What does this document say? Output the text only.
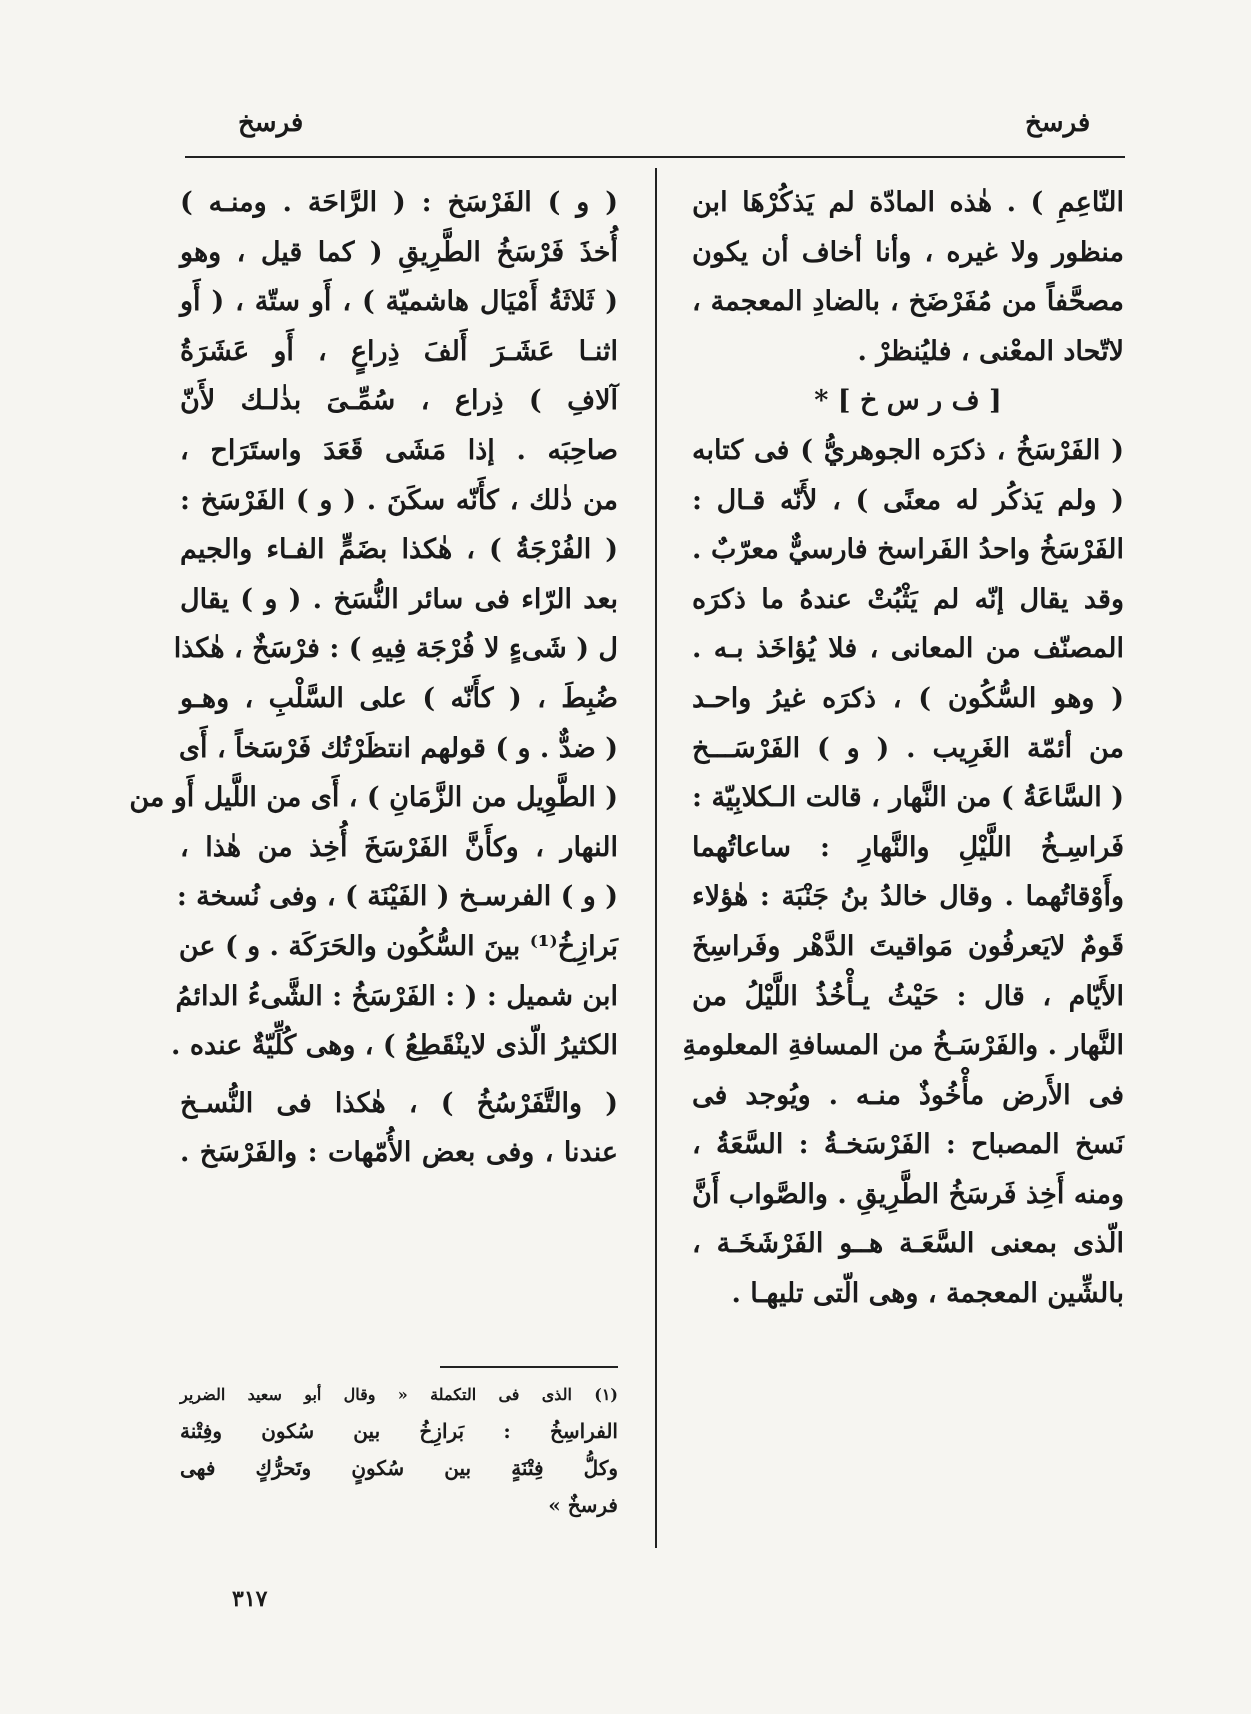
فرسخ	فرسخ
النّاعِمِ ) . هٰذه المادّة لم يَذكُرْهَا ابن
منظور ولا غيره ، وأنا أخاف أن يكون
مصحَّفاً من مُفَرْضَخ ، بالضادِ المعجمة ،
لاتّحاد المعْنى ، فليُنظرْ .
[ ف ر س خ ] *
( الفَرْسَخُ ، ذكرَه الجوهريُّ ) فى كتابه
( ولم يَذكُر له معنًى ) ، لأَنّه قـال :
الفَرْسَخُ واحدُ الفَراسخ فارسيٌّ معرّبٌ .
وقد يقال إنّه لم يَثْبُتْ عندهُ ما ذكرَه
المصنّف من المعانى ، فلا يُؤاخَذ بـه .
( وهو السُّكُون ) ، ذكرَه غيرُ واحـد
من أئمّة الغَرِيب . ( و ) الفَرْسَـــخ
( السَّاعَةُ ) من النَّهار ، قالت الـكلابِيّة :
فَراسِـخُ اللَّيْلِ والنَّهارِ : ساعاتُهما
وأَوْقاتُهما . وقال خالدُ بنُ جَنْبَة : هٰؤلاء
قَومٌ لايَعرفُون مَواقيتَ الدَّهْر وفَراسِخَ
الأَيّام ، قال : حَيْثُ يـأْخُذُ اللَّيْلُ من
النَّهار . والفَرْسَـخُ من المسافةِ المعلومةِ
فى الأَرض مأْخُوذٌ منـه . ويُوجد فى
نَسخ المصباح : الفَرْسَخـةُ : السَّعَةُ ،
ومنه أَخِذ فَرسَخُ الطَّرِيقِ . والصَّواب أَنَّ
الّذى بمعنى السَّعَـة هــو الفَرْشَخَـة ،
بالشِّين المعجمة ، وهى الّتى تليهـا .
( و ) الفَرْسَخ : ( الرَّاحَة . ومنـه )
أُخذَ فَرْسَخُ الطَّرِيقِ ( كما قيل ، وهو
( ثَلاثَةُ أَمْيَال هاشميّة ) ، أَو ستّة ، ( أَو
اثنـا عَشَـرَ أَلفَ ذِراعٍ ، أَو عَشَرَةُ
آلافِ ) ذِراع ، سُمِّـىَ بذٰلـك لأَنّ
صاحِبَه . إذا مَشَى قَعَدَ واستَرَاح ،
من ذٰلك ، كأَنّه سكَنَ . ( و ) الفَرْسَخ :
( الفُرْجَةُ ) ، هٰكذا بضَمٍّ الفـاء والجيم
بعد الرّاء فى سائر النُّسَخ . ( و ) يقال
ل ( شَىءٍ لا فُرْجَة فِيهِ ) : فرْسَخٌ ، هٰكذا
ضُبِطَ ، ( كأَنّه ) على السَّلْبِ ، وهـو
( ضدٌّ . و ) قولهم انتظَرْتُك فَرْسَخاً ، أَى
( الطَّوِيل من الزَّمَانِ ) ، أَى من اللَّيل أَو من
النهار ، وكأَنَّ الفَرْسَخَ أُخِذ من هٰذا ،
( و ) الفرسـخ ( الفَيْنَة ) ، وفى نُسخة :
بَرازِخُ⁽¹⁾ بينَ السُّكُون والحَرَكَة . و ) عن
ابن شميل : ( : الفَرْسَخُ : الشَّىءُ الدائمُ
الكثيرُ الّذى لاينْقَطِعُ ) ، وهى كُلِّيّةٌ عنده .
( والتَّفَرْسُخُ ) ، هٰكذا فى النُّسـخ
عندنا ، وفى بعض الأُمّهات : والفَرْسَخ .
(١) الذى فى التكملة « وقال أبو سعيد الضرير
الفراسِخُ : بَرازِخُ بين سُكون وفِتْنة
وكلُّ فِتْنَةٍ بين سُكونٍ وتَحرُّكٍ فهى
فرسخٌ »
٣١٧
